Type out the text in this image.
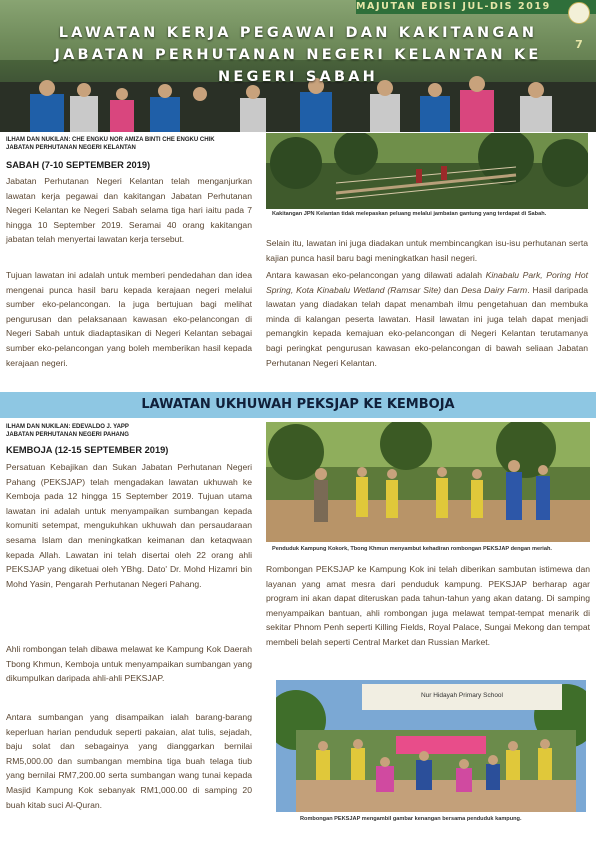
LAWATAN KERJA PEGAWAI DAN KAKITANGAN
JABATAN PERHUTANAN NEGERI KELANTAN KE
NEGERI SABAH
MAJUTAN EDISI JUL-DIS 2019
7
ILHAM DAN NUKILAN: CHE ENGKU NOR AMIZA BINTI CHE ENGKU CHIK
JABATAN PERHUTANAN NEGERI KELANTAN
SABAH (7-10 SEPTEMBER 2019)
Jabatan Perhutanan Negeri Kelantan telah menganjurkan lawatan kerja pegawai dan kakitangan Jabatan Perhutanan Negeri Kelantan ke Negeri Sabah selama tiga hari iaitu pada 7 hingga 10 September 2019. Seramai 40 orang kakitangan jabatan telah menyertai lawatan kerja tersebut.
Tujuan lawatan ini adalah untuk memberi pendedahan dan idea mengenai punca hasil baru kepada kerajaan negeri melalui sumber eko-pelancongan. Ia juga bertujuan bagi melihat pengurusan dan pelaksanaan kawasan eko-pelancongan di Negeri Sabah untuk diadaptasikan di Negeri Kelantan sebagai sumber eko-pelancongan yang boleh memberikan hasil kepada kerajaan negeri.
Kakitangan JPN Kelantan tidak melepaskan peluang melalui jambatan gantung yang terdapat di Sabah.
Selain itu, lawatan ini juga diadakan untuk membincangkan isu-isu perhutanan serta kajian punca hasil baru bagi meningkatkan hasil negeri.
Antara kawasan eko-pelancongan yang dilawati adalah Kinabalu Park, Poring Hot Spring, Kota Kinabalu Wetland (Ramsar Site) dan Desa Dairy Farm. Hasil daripada lawatan yang diadakan telah dapat menambah ilmu pengetahuan dan membuka minda di kalangan peserta lawatan. Hasil lawatan ini juga telah dapat menjadi pemangkin kepada kemajuan eko-pelancongan di Negeri Kelantan terutamanya bagi peringkat pengurusan kawasan eko-pelancongan di bawah seliaan Jabatan Perhutanan Negeri Kelantan.
LAWATAN UKHUWAH PEKSJAP KE KEMBOJA
ILHAM DAN NUKILAN: EDEVALDO J. YAPP
JABATAN PERHUTANAN NEGERI PAHANG
KEMBOJA (12-15 SEPTEMBER 2019)
Persatuan Kebajikan dan Sukan Jabatan Perhutanan Negeri Pahang (PEKSJAP) telah mengadakan lawatan ukhuwah ke Kemboja pada 12 hingga 15 September 2019. Tujuan utama lawatan ini adalah untuk menyampaikan sumbangan kepada komuniti setempat, mengukuhkan ukhuwah dan persaudaraan sesama Islam dan meningkatkan keimanan dan ketaqwaan kepada Allah. Lawatan ini telah disertai oleh 22 orang ahli PEKSJAP yang diketuai oleh YBhg. Dato' Dr. Mohd Hizamri bin Mohd Yasin, Pengarah Perhutanan Negeri Pahang.
Ahli rombongan telah dibawa melawat ke Kampung Kok Daerah Tbong Khmun, Kemboja untuk menyampaikan sumbangan yang dikumpulkan daripada ahli-ahli PEKSJAP.
Antara sumbangan yang disampaikan ialah barang-barang keperluan harian penduduk seperti pakaian, alat tulis, sejadah, baju solat dan sebagainya yang dianggarkan bernilai RM5,000.00 dan sumbangan membina tiga buah telaga tiub yang bernilai RM7,200.00 serta sumbangan wang tunai kepada Masjid Kampung Kok sebanyak RM1,000.00 di samping 20 buah kitab suci Al-Quran.
Penduduk Kampung Kokork, Tbong Khmun menyambut kehadiran rombongan PEKSJAP dengan meriah.
Rombongan PEKSJAP ke Kampung Kok ini telah diberikan sambutan istimewa dan layanan yang amat mesra dari penduduk kampung. PEKSJAP berharap agar program ini akan dapat diteruskan pada tahun-tahun yang akan datang. Di samping menyampaikan bantuan, ahli rombongan juga melawat tempat-tempat menarik di sekitar Phnom Penh seperti Killing Fields, Royal Palace, Sungai Mekong dan tempat membeli belah seperti Central Market dan Russian Market.
Nur Hidayah Primary School
Rombongan PEKSJAP mengambil gambar kenangan bersama penduduk kampung.
